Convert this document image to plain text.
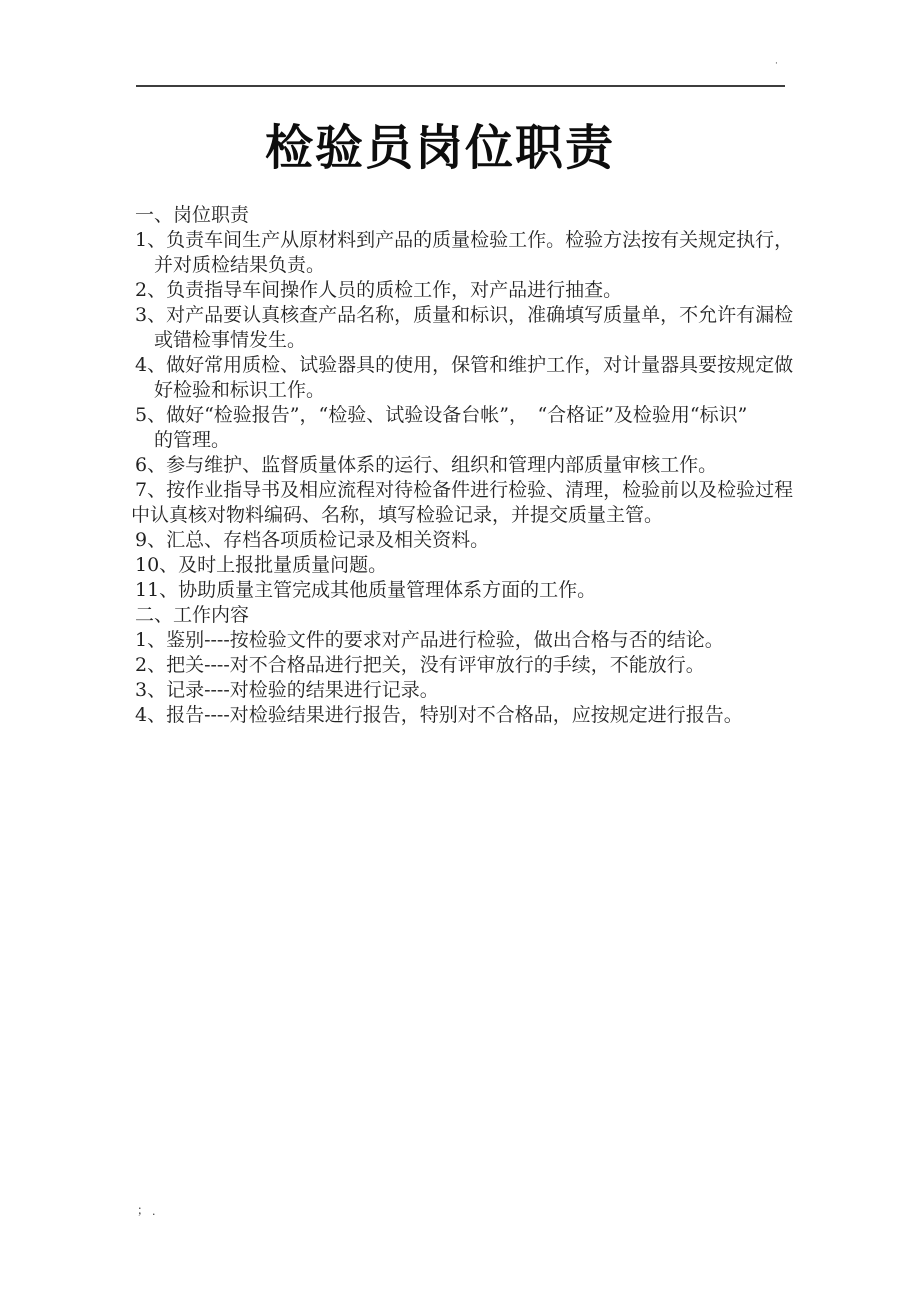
·
检验员岗位职责

一、岗位职责

1、负责车间生产从原材料到产品的质量检验工作。检验方法按有关规定执行，

并对质检结果负责。

2、负责指导车间操作人员的质检工作，对产品进行抽查。

3、对产品要认真核查产品名称，质量和标识，准确填写质量单，不允许有漏检

或错检事情发生。

4、做好常用质检、试验器具的使用，保管和维护工作，对计量器具要按规定做

好检验和标识工作。

5、做好“检验报告”，“检验、试验设备台帐”，　“合格证”及检验用“标识”

的管理。

6、参与维护、监督质量体系的运行、组织和管理内部质量审核工作。

7、按作业指导书及相应流程对待检备件进行检验、清理，检验前以及检验过程

中认真核对物料编码、名称，填写检验记录，并提交质量主管。

9、汇总、存档各项质检记录及相关资料。

10、及时上报批量质量问题。

11、协助质量主管完成其他质量管理体系方面的工作。

二、工作内容

1、鉴别----按检验文件的要求对产品进行检验，做出合格与否的结论。

2、把关----对不合格品进行把关，没有评审放行的手续，不能放行。

3、记录----对检验的结果进行记录。

4、报告----对检验结果进行报告，特别对不合格品，应按规定进行报告。

； .
